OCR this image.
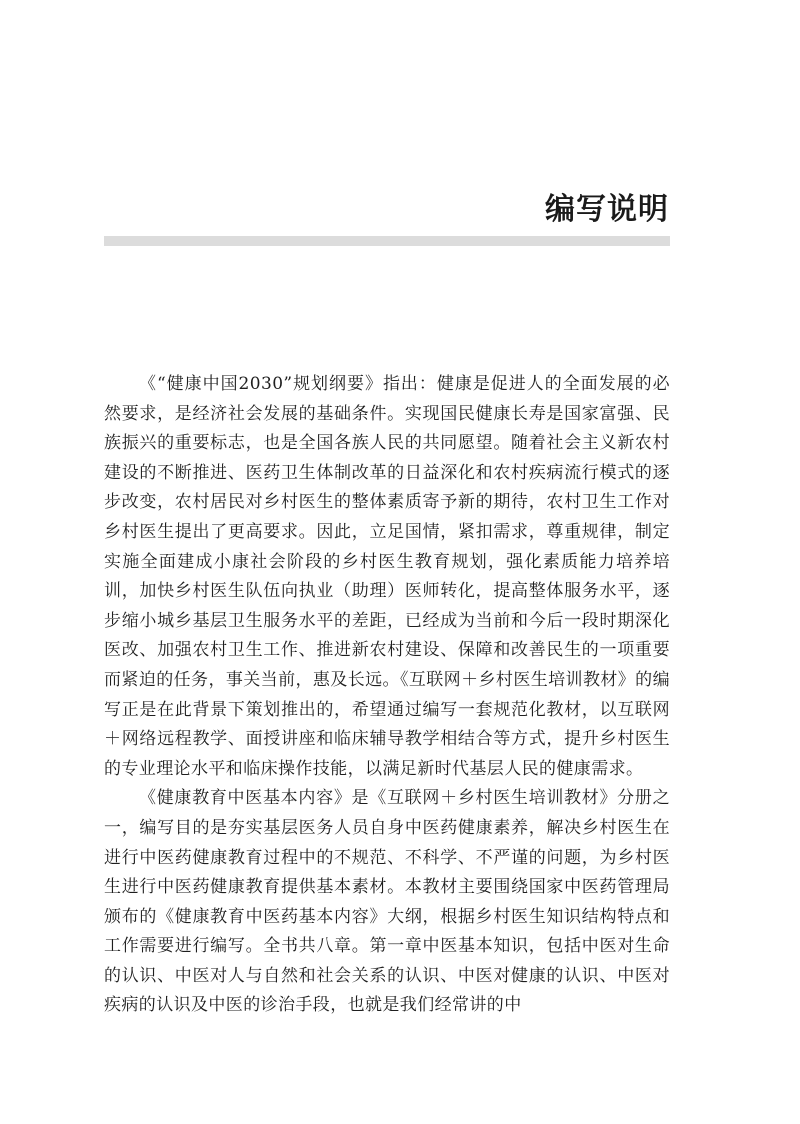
编写说明

《“健康中国2030”规划纲要》指出：健康是促进人的全面发展的必然要求，是经济社会发展的基础条件。实现国民健康长寿是国家富强、民族振兴的重要标志，也是全国各族人民的共同愿望。随着社会主义新农村建设的不断推进、医药卫生体制改革的日益深化和农村疾病流行模式的逐步改变，农村居民对乡村医生的整体素质寄予新的期待，农村卫生工作对乡村医生提出了更高要求。因此，立足国情，紧扣需求，尊重规律，制定实施全面建成小康社会阶段的乡村医生教育规划，强化素质能力培养培训，加快乡村医生队伍向执业（助理）医师转化，提高整体服务水平，逐步缩小城乡基层卫生服务水平的差距，已经成为当前和今后一段时期深化医改、加强农村卫生工作、推进新农村建设、保障和改善民生的一项重要而紧迫的任务，事关当前，惠及长远。《互联网＋乡村医生培训教材》的编写正是在此背景下策划推出的，希望通过编写一套规范化教材，以互联网＋网络远程教学、面授讲座和临床辅导教学相结合等方式，提升乡村医生的专业理论水平和临床操作技能，以满足新时代基层人民的健康需求。

《健康教育中医基本内容》是《互联网＋乡村医生培训教材》分册之一，编写目的是夯实基层医务人员自身中医药健康素养，解决乡村医生在进行中医药健康教育过程中的不规范、不科学、不严谨的问题，为乡村医生进行中医药健康教育提供基本素材。本教材主要围绕国家中医药管理局颁布的《健康教育中医药基本内容》大纲，根据乡村医生知识结构特点和工作需要进行编写。全书共八章。第一章中医基本知识，包括中医对生命的认识、中医对人与自然和社会关系的认识、中医对健康的认识、中医对疾病的认识及中医的诊治手段，也就是我们经常讲的中
